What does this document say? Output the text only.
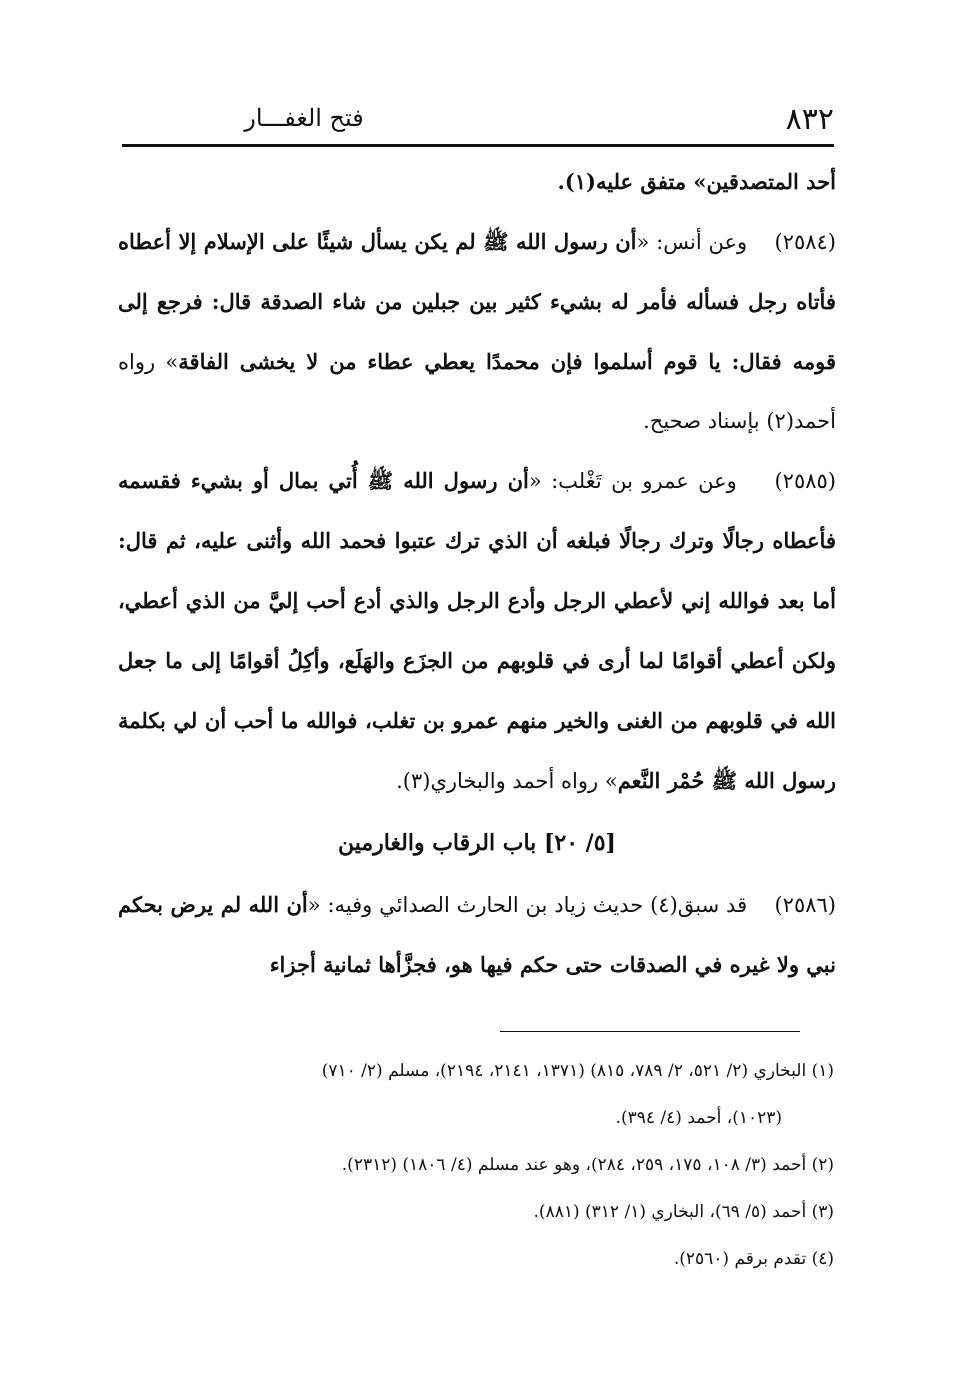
٨٣٢
فتح الغفـــار

أحد المتصدقين» متفق عليه(١).

(٢٥٨٤)    وعن أنس: «أن رسول الله ﷺ لم يكن يسأل شيئًا على الإسلام إلا أعطاه فأتاه رجل فسأله فأمر له بشيء كثير بين جبلين من شاء الصدقة قال: فرجع إلى قومه فقال: يا قوم أسلموا فإن محمدًا يعطي عطاء من لا يخشى الفاقة» رواه أحمد(٢) بإسناد صحيح.

(٢٥٨٥)    وعن عمرو بن تَغْلب: «أن رسول الله ﷺ أُتي بمال أو بشيء فقسمه فأعطاه رجالًا وترك رجالًا فبلغه أن الذي ترك عتبوا فحمد الله وأثنى عليه، ثم قال: أما بعد فوالله إني لأعطي الرجل وأدع الرجل والذي أدع أحب إليَّ من الذي أعطي، ولكن أعطي أقوامًا لما أرى في قلوبهم من الجزَع والهَلَع، وأكِلُ أقوامًا إلى ما جعل الله في قلوبهم من الغنى والخير منهم عمرو بن تغلب، فوالله ما أحب أن لي بكلمة رسول الله ﷺ حُمْر النَّعم» رواه أحمد والبخاري(٣).

[٥/ ٢٠] باب الرقاب والغارمين

(٢٥٨٦)    قد سبق(٤) حديث زياد بن الحارث الصدائي وفيه: «أن الله لم يرض بحكم نبي ولا غيره في الصدقات حتى حكم فيها هو، فجزَّأها ثمانية أجزاء

(١) البخاري (٢/ ٥٢١، ٢/ ٧٨٩، ٨١٥) (١٣٧١، ٢١٤١، ٢١٩٤)، مسلم (٢/ ٧١٠)

(١٠٢٣)، أحمد (٤/ ٣٩٤).

(٢) أحمد (٣/ ١٠٨، ١٧٥، ٢٥٩، ٢٨٤)، وهو عند مسلم (٤/ ١٨٠٦) (٢٣١٢).

(٣) أحمد (٥/ ٦٩)، البخاري (١/ ٣١٢) (٨٨١).

(٤) تقدم برقم (٢٥٦٠).
